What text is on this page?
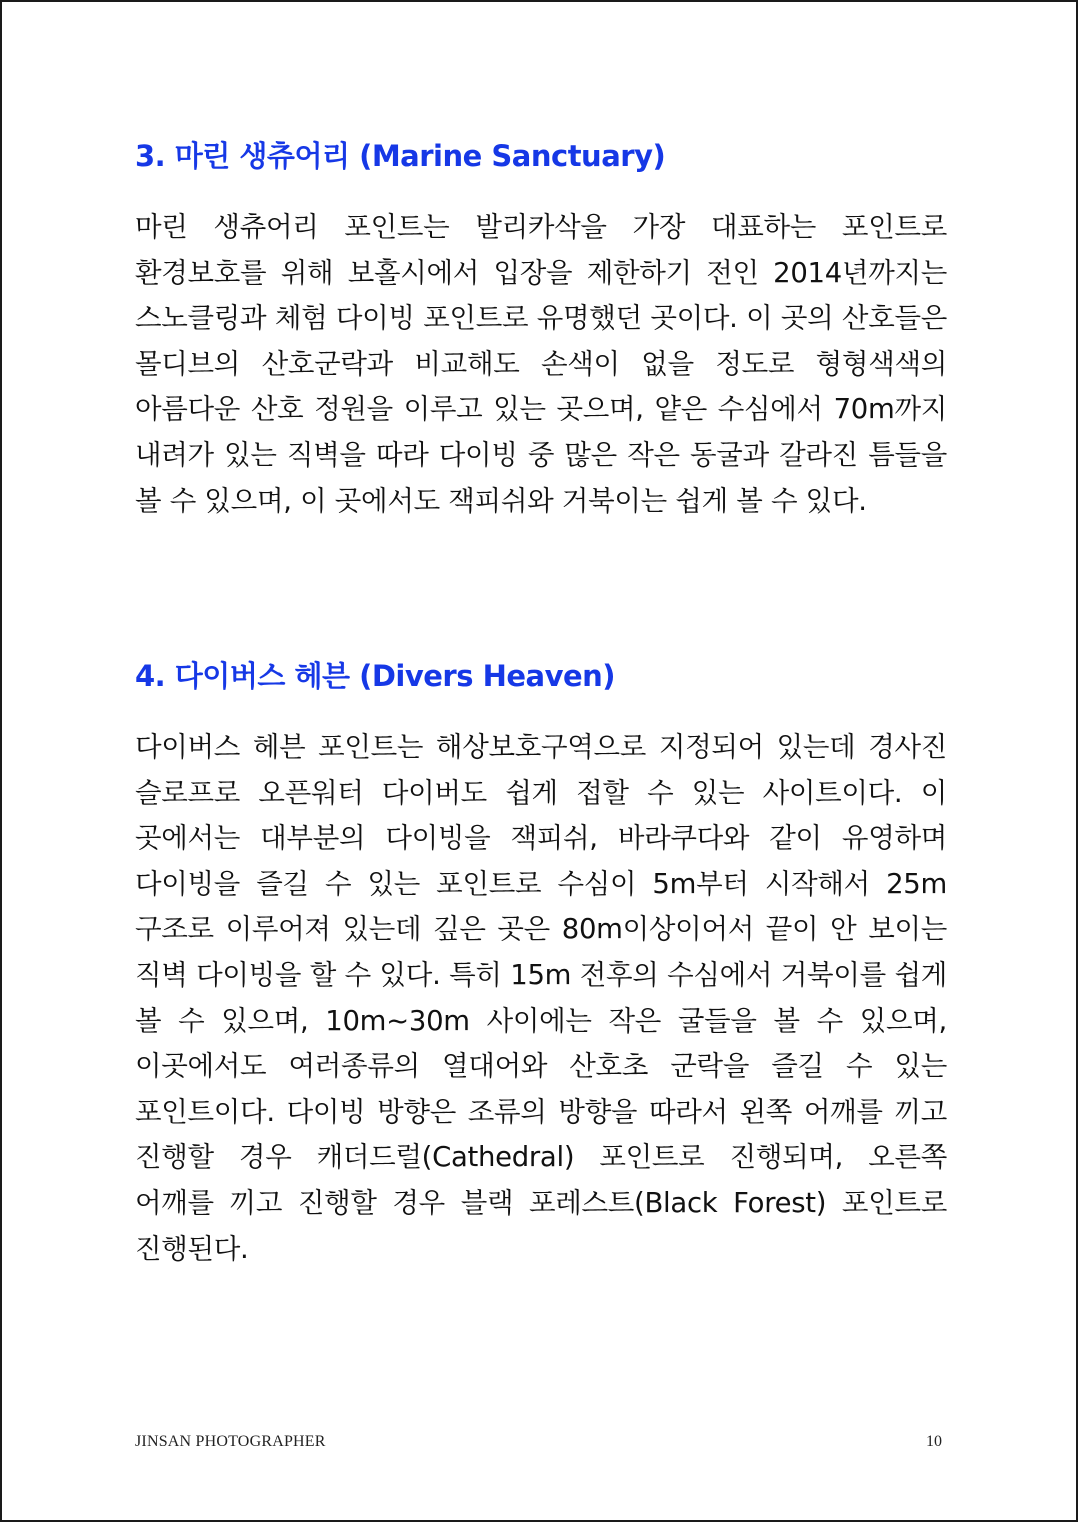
3. 마린 생츄어리 (Marine Sanctuary)

마린 생츄어리 포인트는 발리카삭을 가장 대표하는 포인트로 환경보호를 위해 보홀시에서 입장을 제한하기 전인 2014년까지는 스노클링과 체험 다이빙 포인트로 유명했던 곳이다. 이 곳의 산호들은 몰디브의 산호군락과 비교해도 손색이 없을 정도로 형형색색의 아름다운 산호 정원을 이루고 있는 곳으며, 얕은 수심에서 70m까지 내려가 있는 직벽을 따라 다이빙 중 많은 작은 동굴과 갈라진 틈들을 볼 수 있으며, 이 곳에서도 잭피쉬와 거북이는 쉽게 볼 수 있다.

4. 다이버스 헤븐 (Divers Heaven)

다이버스 헤븐 포인트는 해상보호구역으로 지정되어 있는데 경사진 슬로프로 오픈워터 다이버도 쉽게 접할 수 있는 사이트이다. 이 곳에서는 대부분의 다이빙을 잭피쉬, 바라쿠다와 같이 유영하며 다이빙을 즐길 수 있는 포인트로 수심이 5m부터 시작해서 25m 구조로 이루어져 있는데 깊은 곳은 80m이상이어서 끝이 안 보이는 직벽 다이빙을 할 수 있다. 특히 15m 전후의 수심에서 거북이를 쉽게 볼 수 있으며, 10m~30m 사이에는 작은 굴들을 볼 수 있으며, 이곳에서도 여러종류의 열대어와 산호초 군락을 즐길 수 있는 포인트이다. 다이빙 방향은 조류의 방향을 따라서 왼쪽 어깨를 끼고 진행할 경우 캐더드럴(Cathedral) 포인트로 진행되며, 오른쪽 어깨를 끼고 진행할 경우 블랙 포레스트(Black Forest) 포인트로 진행된다.

JINSAN PHOTOGRAPHER	10
